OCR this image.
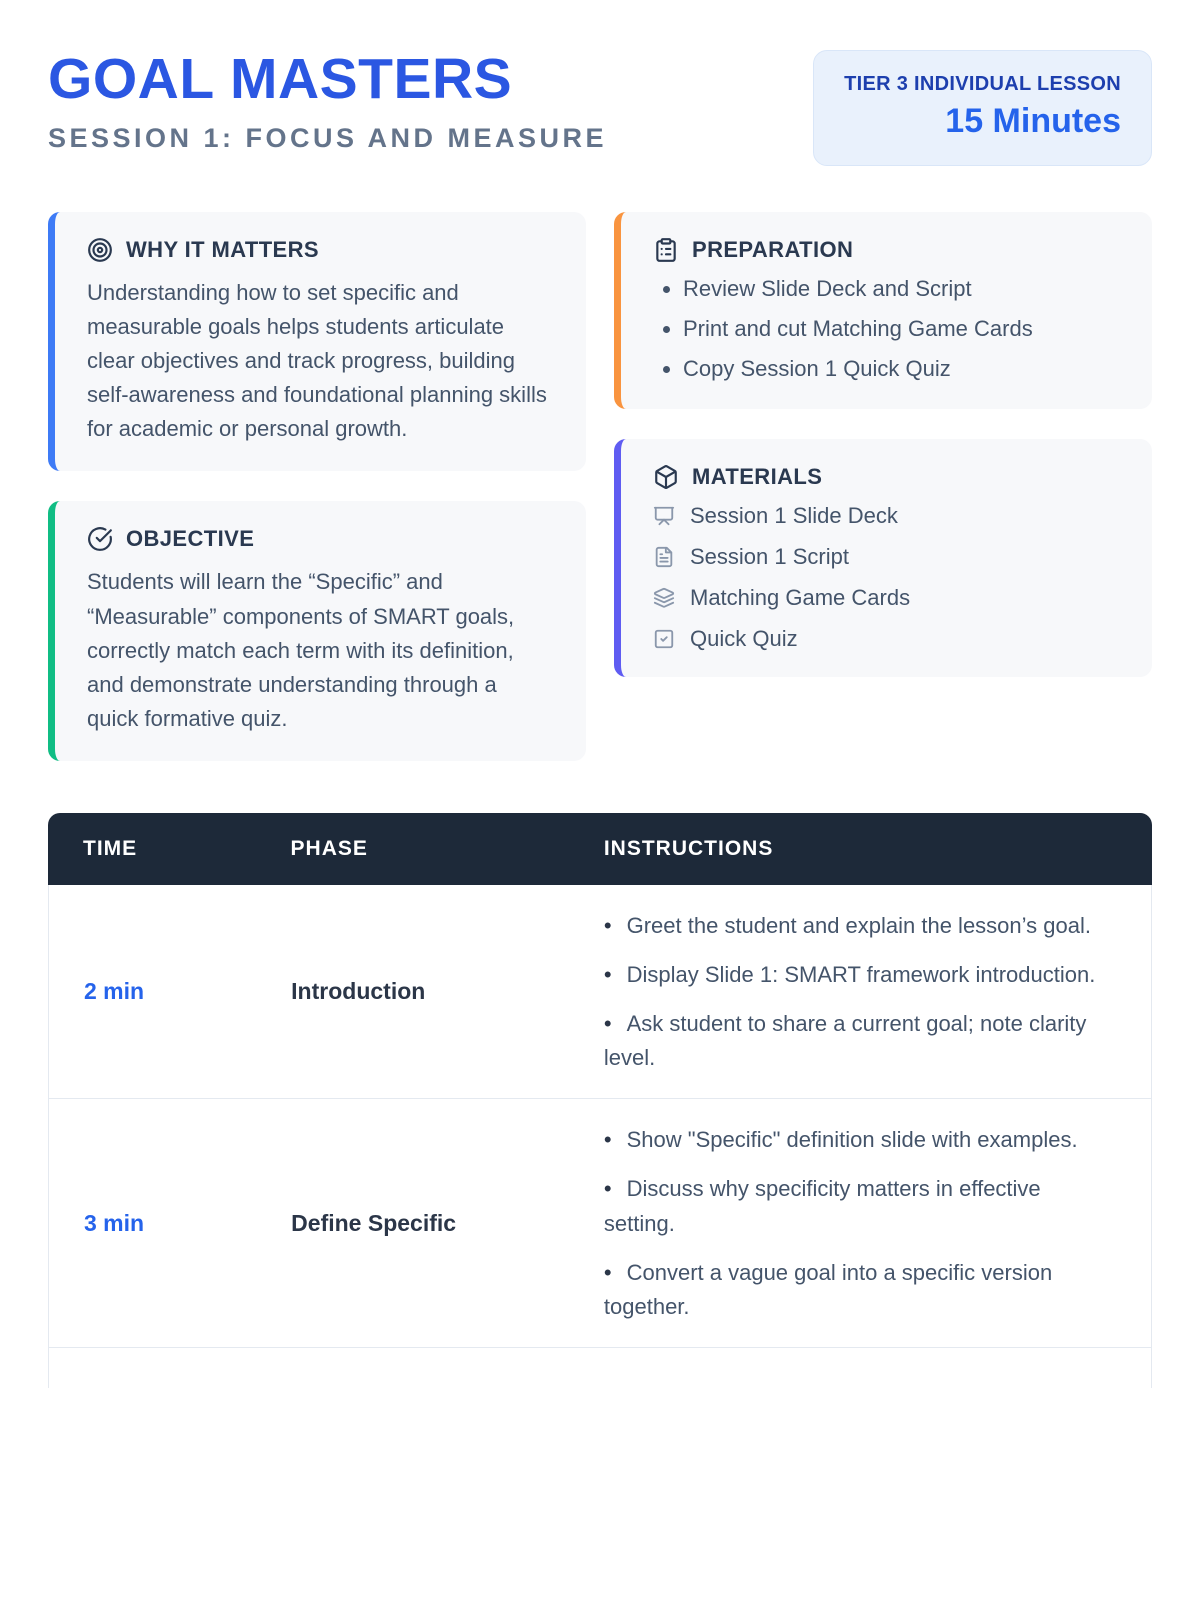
GOAL MASTERS
SESSION 1: FOCUS AND MEASURE
TIER 3 INDIVIDUAL LESSON
15 Minutes
WHY IT MATTERS
Understanding how to set specific and measurable goals helps students articulate clear objectives and track progress, building self-awareness and foundational planning skills for academic or personal growth.
OBJECTIVE
Students will learn the “Specific” and “Measurable” components of SMART goals, correctly match each term with its definition, and demonstrate understanding through a quick formative quiz.
PREPARATION
• Review Slide Deck and Script
• Print and cut Matching Game Cards
• Copy Session 1 Quick Quiz
MATERIALS
Session 1 Slide Deck
Session 1 Script
Matching Game Cards
Quick Quiz
TIME	PHASE	INSTRUCTIONS
2 min	Introduction
• Greet the student and explain the lesson’s goal.
• Display Slide 1: SMART framework introduction.
• Ask student to share a current goal; note clarity level.
3 min	Define Specific
• Show "Specific" definition slide with examples.
• Discuss why specificity matters in effective setting.
• Convert a vague goal into a specific version together.
